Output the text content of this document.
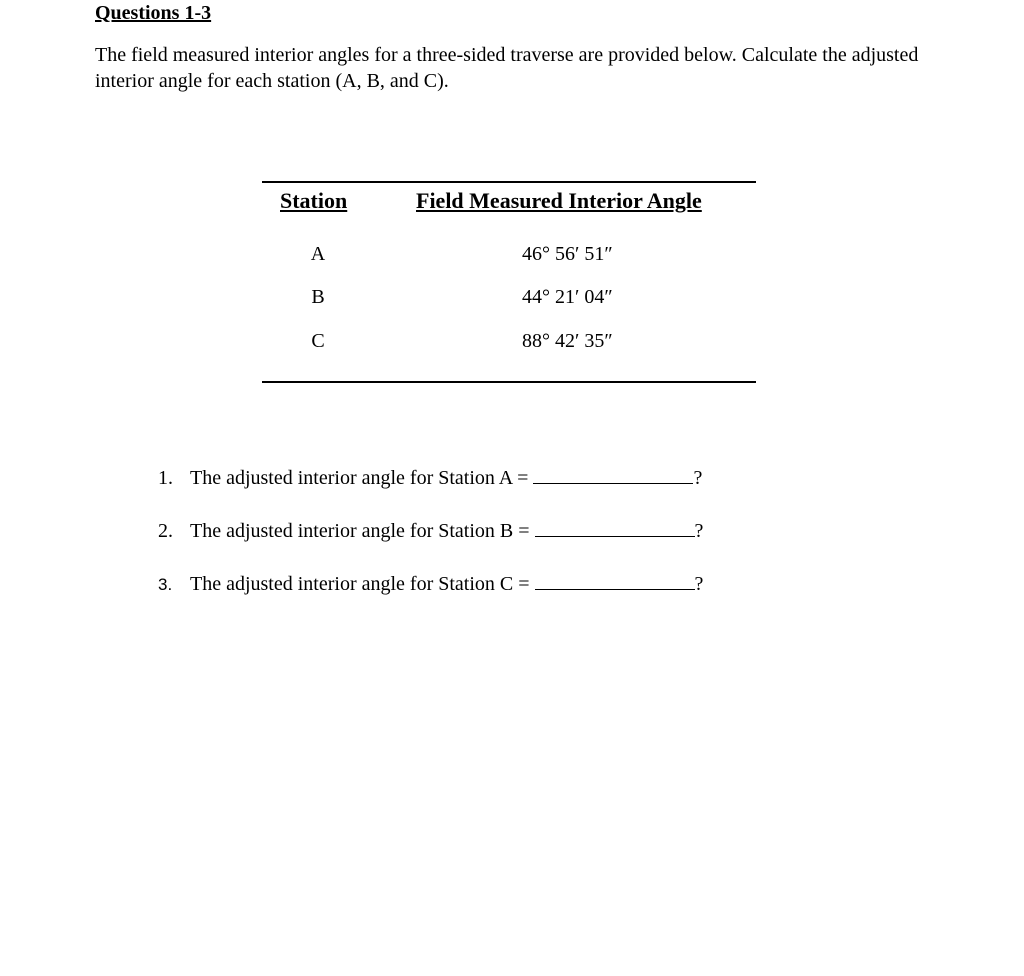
Questions 1-3

The field measured interior angles for a three-sided traverse are provided below. Calculate the adjusted interior angle for each station (A, B, and C).

Station	Field Measured Interior Angle
A	46° 56′ 51″
B	44° 21′ 04″
C	88° 42′ 35″
1. The adjusted interior angle for Station A =	?
2. The adjusted interior angle for Station B =	?
3. The adjusted interior angle for Station C =	?
